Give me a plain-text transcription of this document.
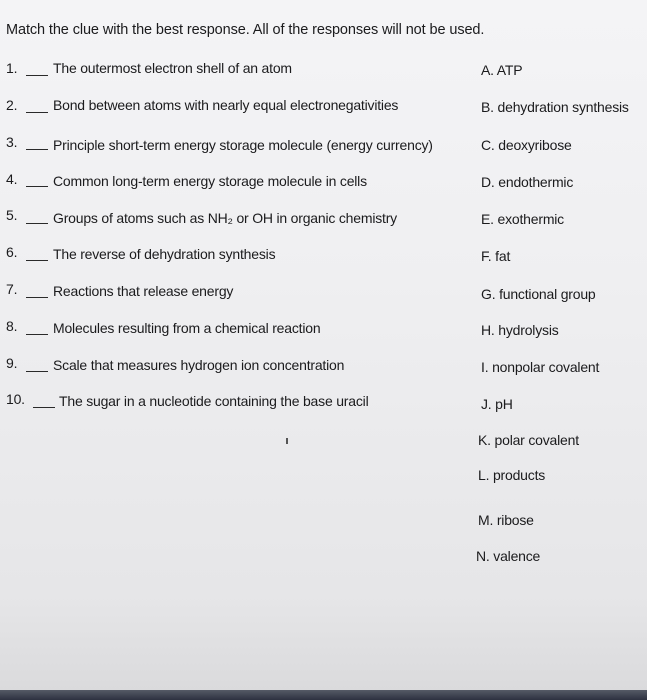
Match the clue with the best response. All of the responses will not be used.
1.	The outermost electron shell of an atom
2.	Bond between atoms with nearly equal electronegativities
3.	Principle short-term energy storage molecule (energy currency)
4.	Common long-term energy storage molecule in cells
5.	Groups of atoms such as NH₂ or OH in organic chemistry
6.	The reverse of dehydration synthesis
7.	Reactions that release energy
8.	Molecules resulting from a chemical reaction
9.	Scale that measures hydrogen ion concentration
10. The sugar in a nucleotide containing the base uracil
A. ATP
B. dehydration synthesis
C. deoxyribose
D. endothermic
E. exothermic
F. fat
G. functional group
H. hydrolysis
I. nonpolar covalent
J. pH
K. polar covalent
L. products
M. ribose
N. valence
